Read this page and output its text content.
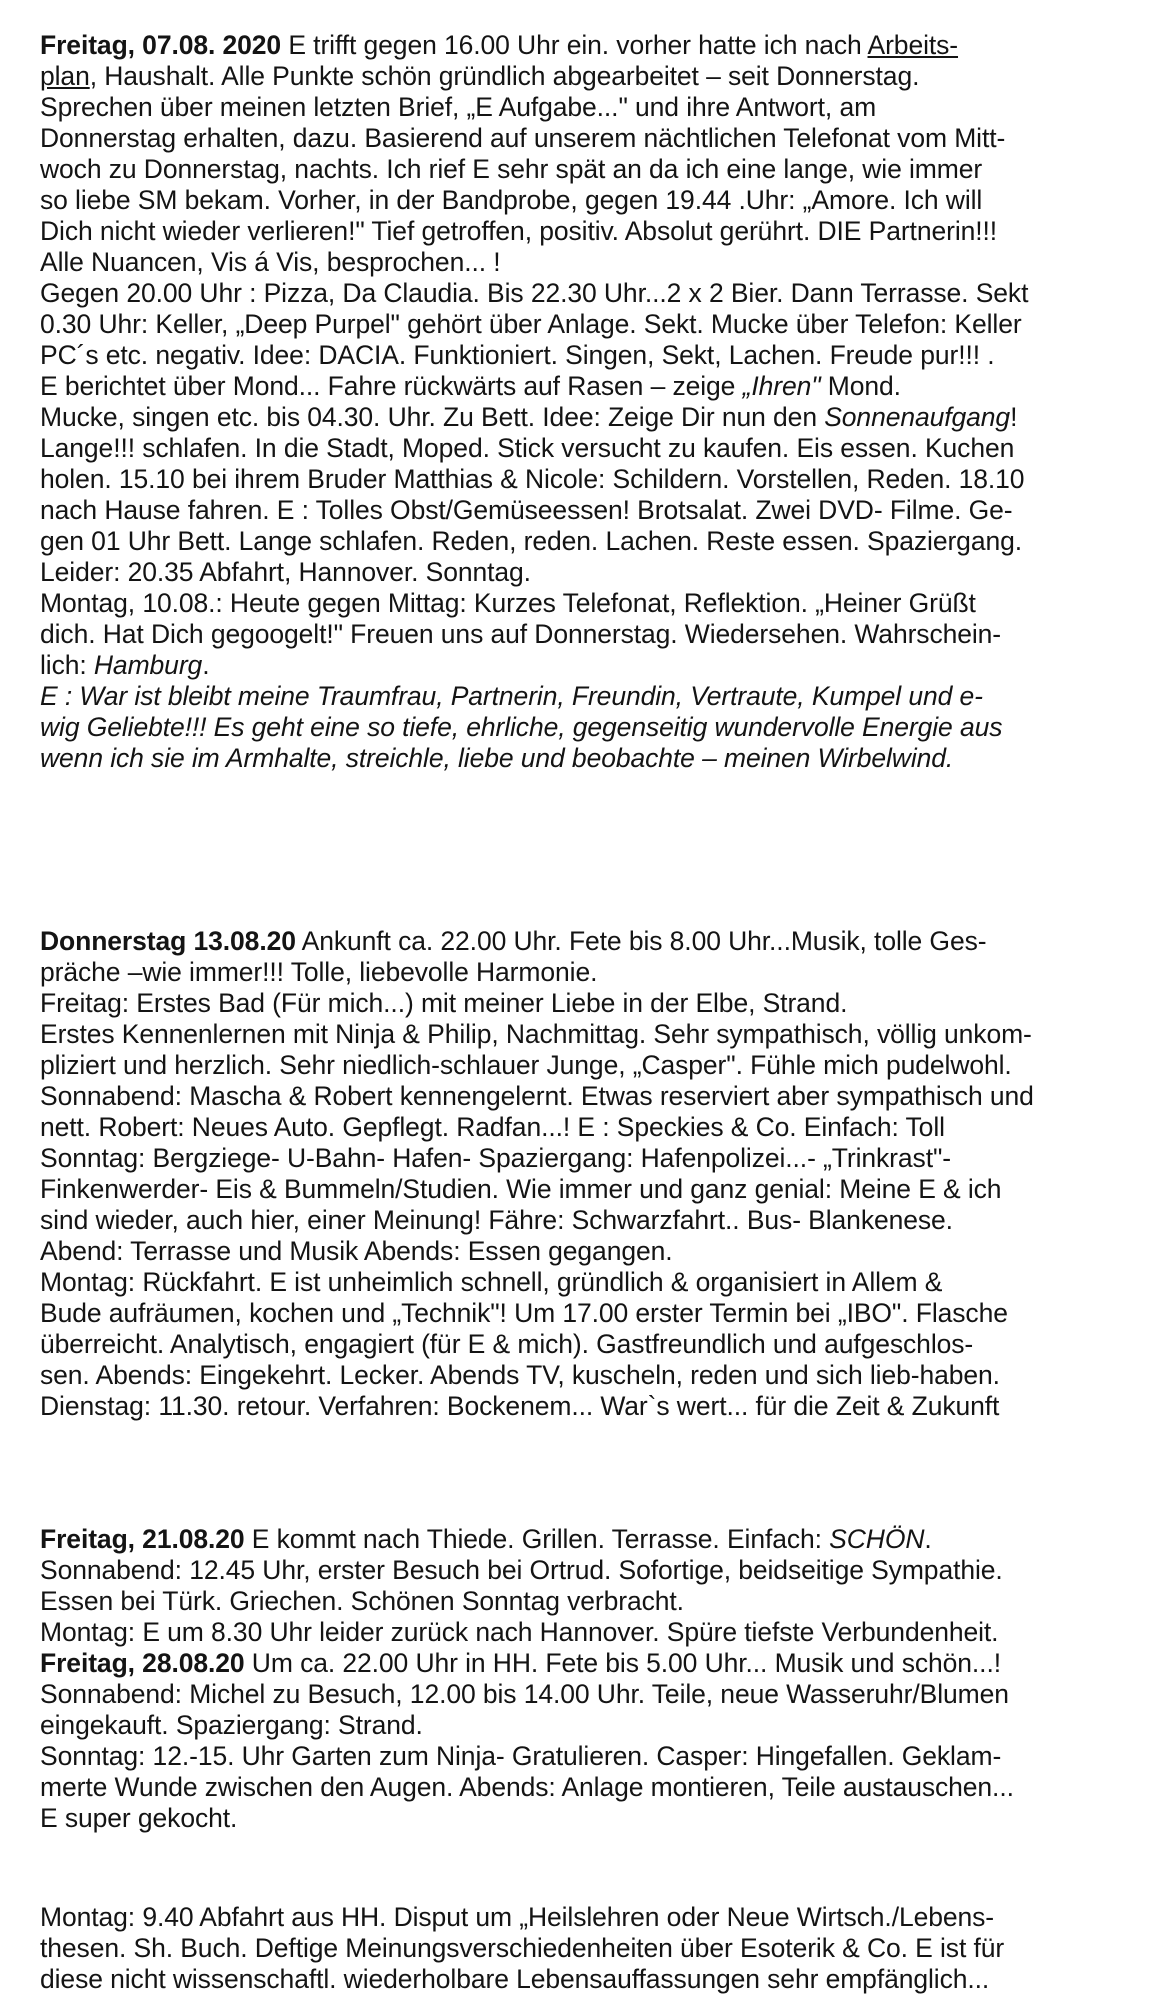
Freitag, 07.08. 2020 E trifft gegen 16.00 Uhr ein. vorher hatte ich nach Arbeits-
plan, Haushalt. Alle Punkte schön gründlich abgearbeitet – seit Donnerstag.
Sprechen über meinen letzten Brief, „E Aufgabe..." und ihre Antwort, am
Donnerstag erhalten, dazu. Basierend auf unserem nächtlichen Telefonat vom Mitt-
woch zu Donnerstag, nachts. Ich rief E sehr spät an da ich eine lange, wie immer
so liebe SM bekam. Vorher, in der Bandprobe, gegen 19.44 .Uhr: „Amore. Ich will
Dich nicht wieder verlieren!" Tief getroffen, positiv. Absolut gerührt. DIE Partnerin!!!
Alle Nuancen, Vis á Vis, besprochen... !
Gegen 20.00 Uhr : Pizza, Da Claudia. Bis 22.30 Uhr...2 x 2 Bier. Dann Terrasse. Sekt
0.30 Uhr: Keller, „Deep Purpel" gehört über Anlage. Sekt. Mucke über Telefon: Keller
PC´s etc. negativ. Idee: DACIA. Funktioniert. Singen, Sekt, Lachen. Freude pur!!! .
E berichtet über Mond... Fahre rückwärts auf Rasen – zeige „Ihren" Mond.
Mucke, singen etc. bis 04.30. Uhr. Zu Bett. Idee: Zeige Dir nun den Sonnenaufgang!
Lange!!! schlafen. In die Stadt, Moped. Stick versucht zu kaufen. Eis essen. Kuchen
holen. 15.10 bei ihrem Bruder Matthias & Nicole: Schildern. Vorstellen, Reden. 18.10
nach Hause fahren. E : Tolles Obst/Gemüseessen! Brotsalat. Zwei DVD- Filme. Ge-
gen 01 Uhr Bett. Lange schlafen. Reden, reden. Lachen. Reste essen. Spaziergang.
Leider: 20.35 Abfahrt, Hannover. Sonntag.
Montag, 10.08.: Heute gegen Mittag: Kurzes Telefonat, Reflektion. „Heiner Grüßt
dich. Hat Dich gegoogelt!" Freuen uns auf Donnerstag. Wiedersehen. Wahrschein-
lich: Hamburg.
E : War ist bleibt meine Traumfrau, Partnerin, Freundin, Vertraute, Kumpel und e-
wig Geliebte!!! Es geht eine so tiefe, ehrliche, gegenseitig wundervolle Energie aus
wenn ich sie im Armhalte, streichle, liebe und beobachte – meinen Wirbelwind.
Donnerstag 13.08.20 Ankunft ca. 22.00 Uhr. Fete bis 8.00 Uhr...Musik, tolle Ges-
präche –wie immer!!! Tolle, liebevolle Harmonie.
Freitag: Erstes Bad (Für mich...) mit meiner Liebe in der Elbe, Strand.
Erstes Kennenlernen mit Ninja & Philip, Nachmittag. Sehr sympathisch, völlig unkom-
pliziert und herzlich. Sehr niedlich-schlauer Junge, „Casper". Fühle mich pudelwohl.
Sonnabend: Mascha & Robert kennengelernt. Etwas reserviert aber sympathisch und
nett. Robert: Neues Auto. Gepflegt. Radfan...! E : Speckies & Co. Einfach: Toll
Sonntag: Bergziege- U-Bahn- Hafen- Spaziergang: Hafenpolizei...- „Trinkrast"-
Finkenwerder- Eis & Bummeln/Studien. Wie immer und ganz genial: Meine E & ich
sind wieder, auch hier, einer Meinung! Fähre: Schwarzfahrt.. Bus- Blankenese.
Abend: Terrasse und Musik Abends: Essen gegangen.
Montag: Rückfahrt. E ist unheimlich schnell, gründlich & organisiert in Allem &
Bude aufräumen, kochen und „Technik"! Um 17.00 erster Termin bei „IBO". Flasche
überreicht. Analytisch, engagiert (für E & mich). Gastfreundlich und aufgeschlos-
sen. Abends: Eingekehrt. Lecker. Abends TV, kuscheln, reden und sich lieb-haben.
Dienstag: 11.30. retour. Verfahren: Bockenem... War`s wert... für die Zeit & Zukunft
Freitag, 21.08.20 E kommt nach Thiede. Grillen. Terrasse. Einfach: SCHÖN.
Sonnabend: 12.45 Uhr, erster Besuch bei Ortrud. Sofortige, beidseitige Sympathie.
Essen bei Türk. Griechen. Schönen Sonntag verbracht.
Montag: E um 8.30 Uhr leider zurück nach Hannover. Spüre tiefste Verbundenheit.
Freitag, 28.08.20 Um ca. 22.00 Uhr in HH. Fete bis 5.00 Uhr... Musik und schön...!
Sonnabend: Michel zu Besuch, 12.00 bis 14.00 Uhr. Teile, neue Wasseruhr/Blumen
eingekauft. Spaziergang: Strand.
Sonntag: 12.-15. Uhr Garten zum Ninja- Gratulieren. Casper: Hingefallen. Geklam-
merte Wunde zwischen den Augen. Abends: Anlage montieren, Teile austauschen...
E super gekocht.
Montag: 9.40 Abfahrt aus HH. Disput um „Heilslehren oder Neue Wirtsch./Lebens-
thesen. Sh. Buch. Deftige Meinungsverschiedenheiten über Esoterik & Co. E ist für
diese nicht wissenschaftl. wiederholbare Lebensauffassungen sehr empfänglich...
